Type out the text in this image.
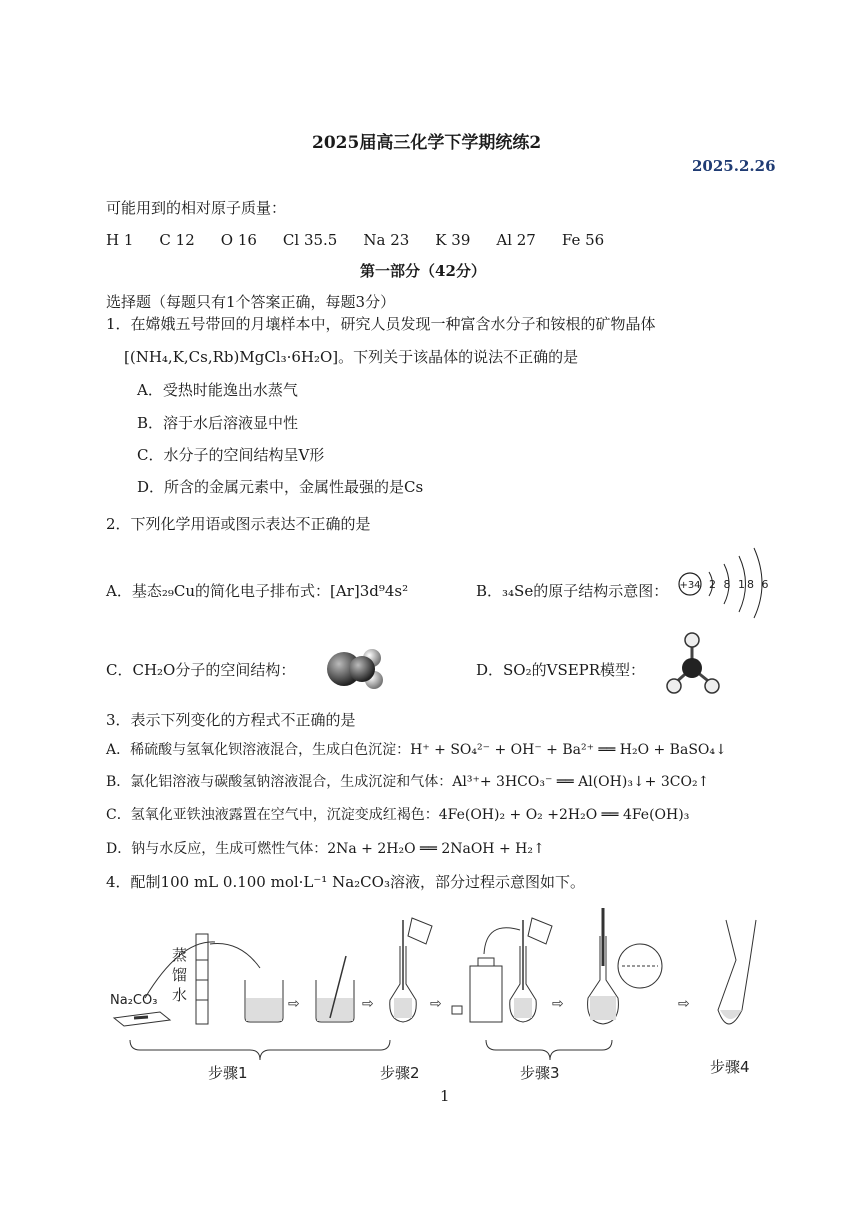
2025届高三化学下学期统练2
2025.2.26
可能用到的相对原子质量：
H 1 C 12 O 16 Cl 35.5 Na 23 K 39 Al 27 Fe 56
第一部分（42分）
选择题（每题只有1个答案正确，每题3分）
1．在嫦娥五号带回的月壤样本中，研究人员发现一种富含水分子和铵根的矿物晶体
[(NH₄,K,Cs,Rb)MgCl₃·6H₂O]。下列关于该晶体的说法不正确的是
A．受热时能逸出水蒸气
B．溶于水后溶液显中性
C．水分子的空间结构呈V形
D．所含的金属元素中，金属性最强的是Cs
2．下列化学用语或图示表达不正确的是
A．基态₂₉Cu的简化电子排布式：[Ar]3d⁹4s²	B．₃₄Se的原子结构示意图： +34 2 8 18 6
C．CH₂O分子的空间结构：	D．SO₂的VSEPR模型：
3．表示下列变化的方程式不正确的是
A．稀硫酸与氢氧化钡溶液混合，生成白色沉淀：H⁺ + SO₄²⁻ + OH⁻ + Ba²⁺ ══ H₂O + BaSO₄↓
B．氯化铝溶液与碳酸氢钠溶液混合，生成沉淀和气体：Al³⁺+ 3HCO₃⁻ ══ Al(OH)₃↓+ 3CO₂↑
C．氢氧化亚铁浊液露置在空气中，沉淀变成红褐色：4Fe(OH)₂ + O₂ +2H₂O ══ 4Fe(OH)₃
D．钠与水反应，生成可燃性气体：2Na + 2H₂O ══ 2NaOH + H₂↑
4．配制100 mL 0.100 mol·L⁻¹ Na₂CO₃溶液，部分过程示意图如下。
Na₂CO₃
蒸
馏
水	⇨	⇨	⇨	⇨	⇨
步骤1	步骤2	步骤3	步骤4
1
